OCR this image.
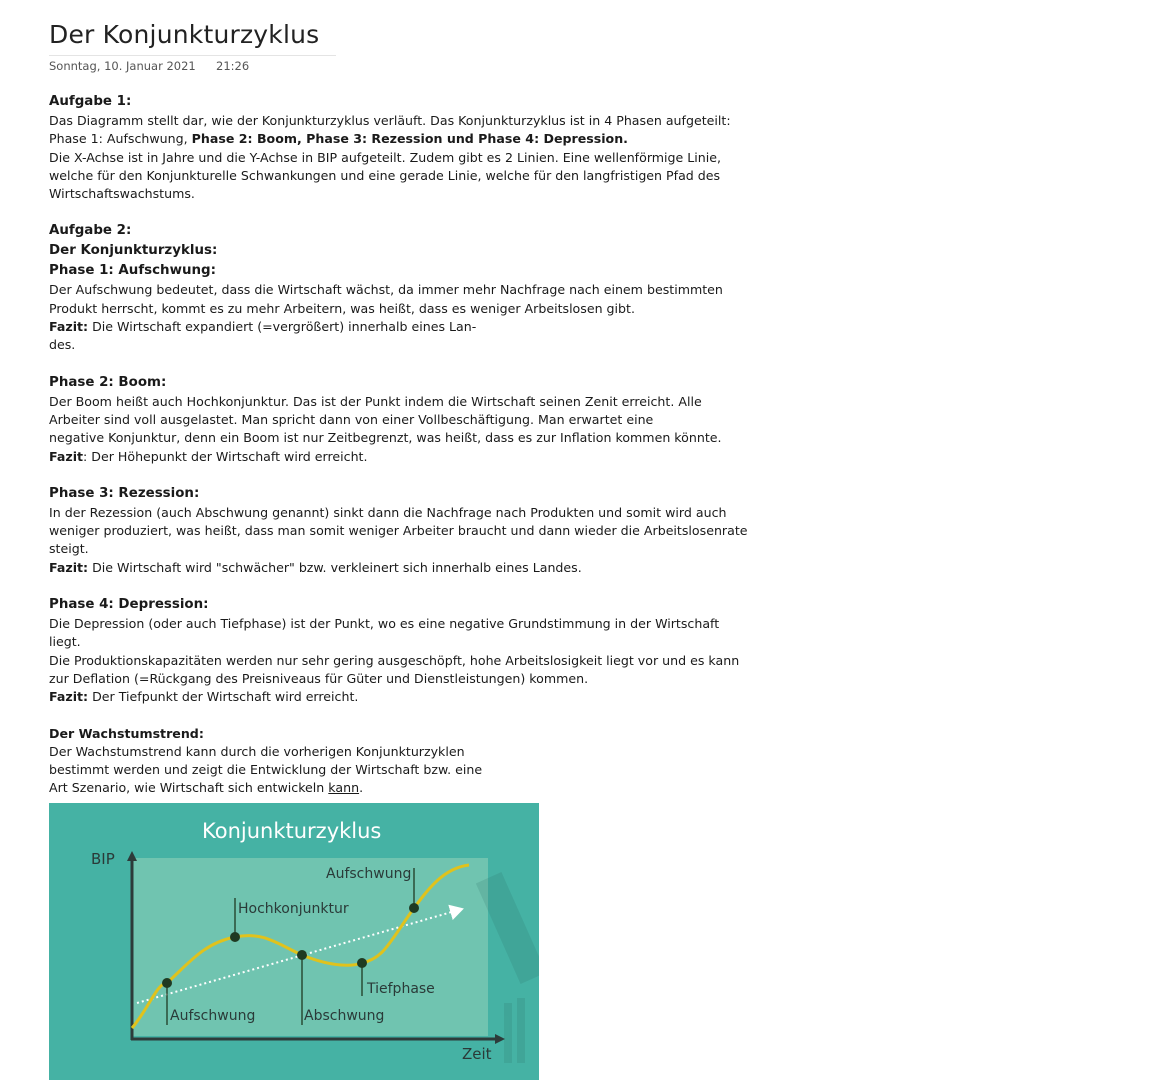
Der Konjunkturzyklus
Sonntag, 10. Januar 2021 21:26

Aufgabe 1:

Das Diagramm stellt dar, wie der Konjunkturzyklus verläuft. Das Konjunkturzyklus ist in 4 Phasen aufgeteilt:

Phase 1: Aufschwung, Phase 2: Boom, Phase 3: Rezession und Phase 4: Depression.

Die X-Achse ist in Jahre und die Y-Achse in BIP aufgeteilt. Zudem gibt es 2 Linien. Eine wellenförmige Linie,

welche für den Konjunkturelle Schwankungen und eine gerade Linie, welche für den langfristigen Pfad des

Wirtschaftswachstums.

Aufgabe 2:

Der Konjunkturzyklus:

Phase 1: Aufschwung:

Der Aufschwung bedeutet, dass die Wirtschaft wächst, da immer mehr Nachfrage nach einem bestimmten

Produkt herrscht, kommt es zu mehr Arbeitern, was heißt, dass es weniger Arbeitslosen gibt.

Fazit: Die Wirtschaft expandiert (=vergrößert) innerhalb eines Lan-

des.

Phase 2: Boom:

Der Boom heißt auch Hochkonjunktur. Das ist der Punkt indem die Wirtschaft seinen Zenit erreicht. Alle

Arbeiter sind voll ausgelastet. Man spricht dann von einer Vollbeschäftigung. Man erwartet eine

negative Konjunktur, denn ein Boom ist nur Zeitbegrenzt, was heißt, dass es zur Inflation kommen könnte.

Fazit: Der Höhepunkt der Wirtschaft wird erreicht.

Phase 3: Rezession:

In der Rezession (auch Abschwung genannt) sinkt dann die Nachfrage nach Produkten und somit wird auch

weniger produziert, was heißt, dass man somit weniger Arbeiter braucht und dann wieder die Arbeitslosenrate

steigt.

Fazit: Die Wirtschaft wird "schwächer" bzw. verkleinert sich innerhalb eines Landes.

Phase 4: Depression:

Die Depression (oder auch Tiefphase) ist der Punkt, wo es eine negative Grundstimmung in der Wirtschaft liegt.

Die Produktionskapazitäten werden nur sehr gering ausgeschöpft, hohe Arbeitslosigkeit liegt vor und es kann

zur Deflation (=Rückgang des Preisniveaus für Güter und Dienstleistungen) kommen.

Fazit: Der Tiefpunkt der Wirtschaft wird erreicht.

Der Wachstumstrend:

Der Wachstumstrend kann durch die vorherigen Konjunkturzyklen

bestimmt werden und zeigt die Entwicklung der Wirtschaft bzw. eine

Art Szenario, wie Wirtschaft sich entwickeln kann.

Konjunkturzyklus
BIP
Zeit
Aufschwung
Hochkonjunktur
Tiefphase
Aufschwung	Abschwung
